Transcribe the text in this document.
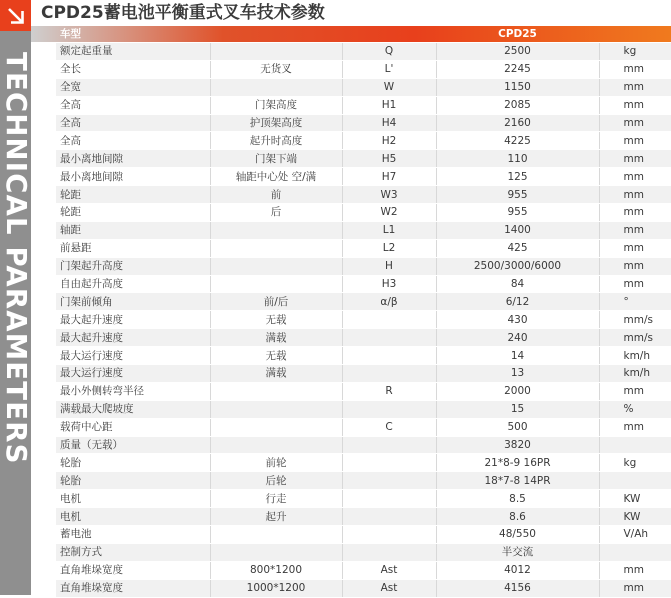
TECHNICAL PARAMETERS
CPD25蓄电池平衡重式叉车技术参数
车型			CPD25	
额定起重量		Q	2500	kg
全长	无货叉	L'	2245	mm
全宽		W	1150	mm
全高	门架高度	H1	2085	mm
全高	护顶架高度	H4	2160	mm
全高	起升时高度	H2	4225	mm
最小离地间隙	门架下端	H5	110	mm
最小离地间隙	轴距中心处 空/满	H7	125	mm
轮距	前	W3	955	mm
轮距	后	W2	955	mm
轴距		L1	1400	mm
前悬距		L2	425	mm
门架起升高度		H	2500/3000/6000	mm
自由起升高度		H3	84	mm
门架前倾角	前/后	α/β	6/12	°
最大起升速度	无载		430	mm/s
最大起升速度	满载		240	mm/s
最大运行速度	无载		14	km/h
最大运行速度	满载		13	km/h
最小外侧转弯半径		R	2000	mm
满载最大爬坡度			15	%
载荷中心距		C	500	mm
质量（无载）			3820	
轮胎	前轮		21*8-9 16PR	kg
轮胎	后轮		18*7-8 14PR	
电机	行走		8.5	KW
电机	起升		8.6	KW
蓄电池			48/550	V/Ah
控制方式			半交流	
直角堆垛宽度	800*1200	Ast	4012	mm
直角堆垛宽度	1000*1200	Ast	4156	mm
